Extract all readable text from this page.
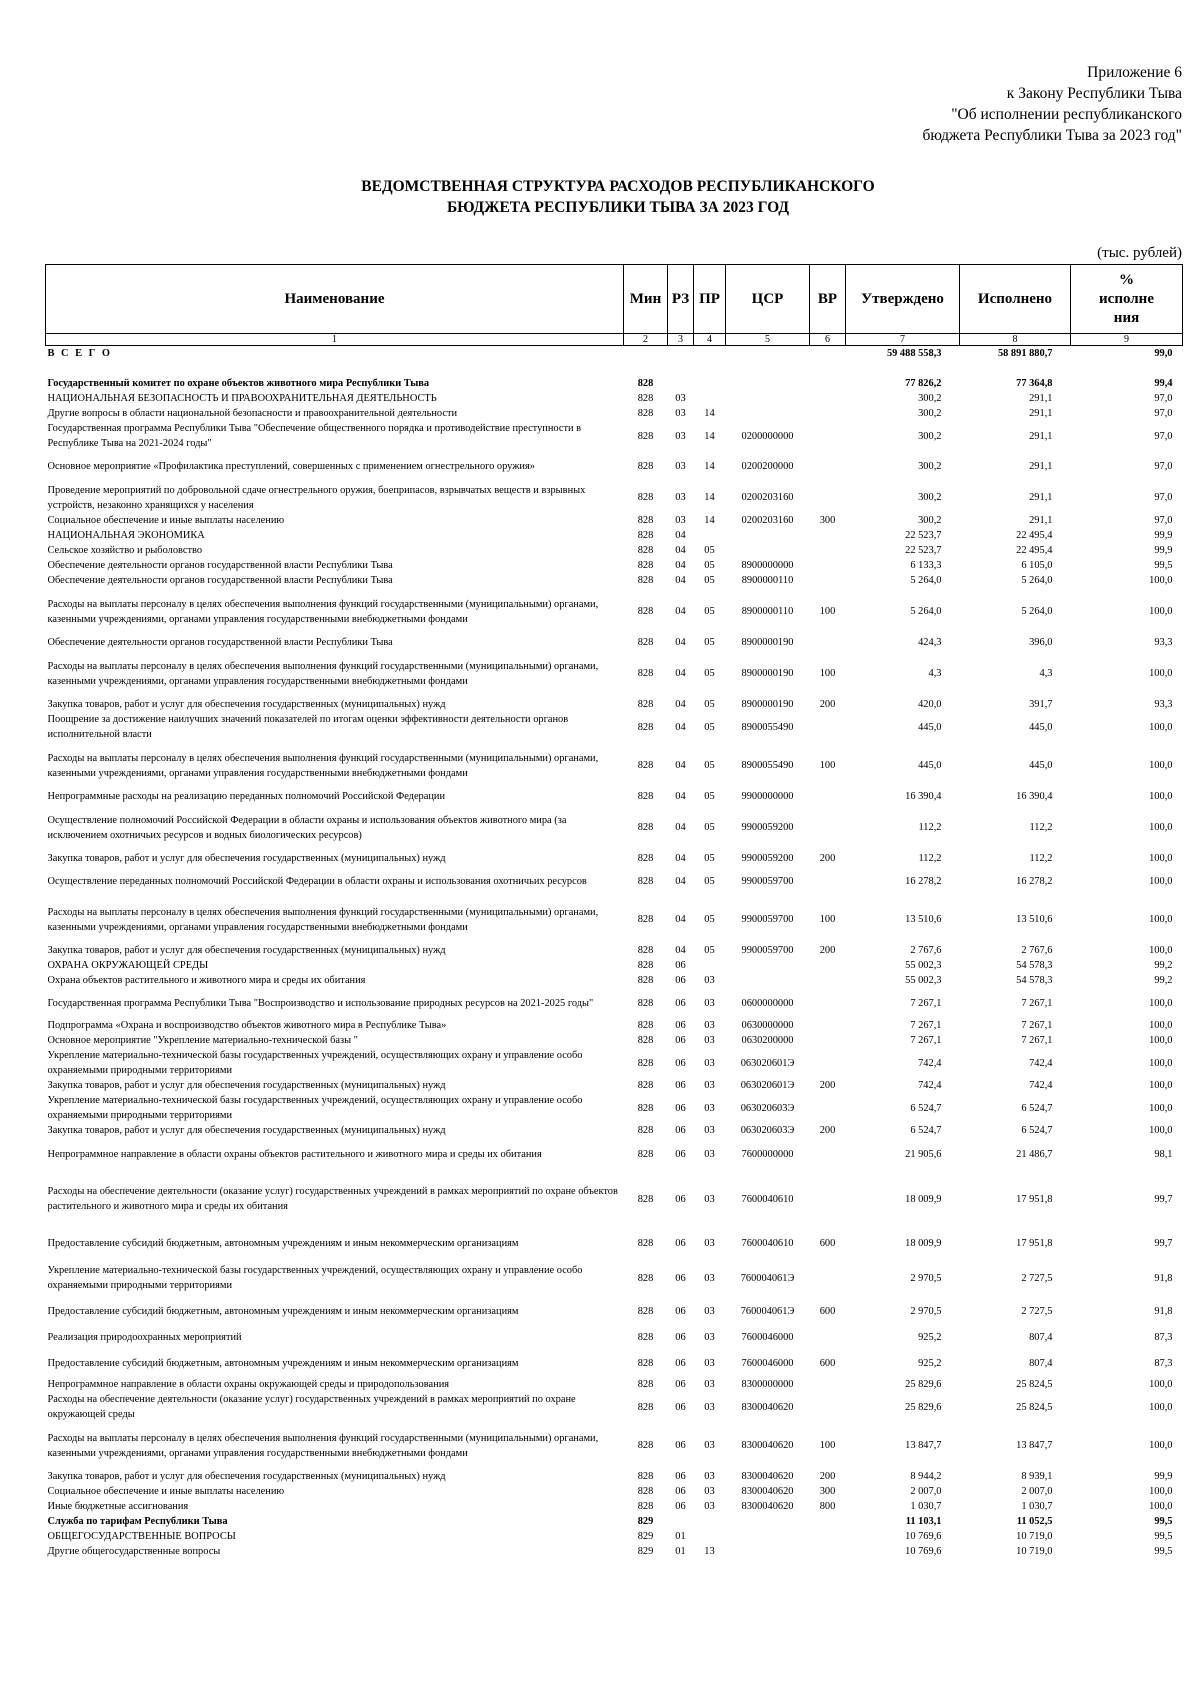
Приложение 6
к Закону Республики Тыва
"Об исполнении республиканского
бюджета Республики Тыва за 2023 год"
ВЕДОМСТВЕННАЯ СТРУКТУРА РАСХОДОВ РЕСПУБЛИКАНСКОГО
БЮДЖЕТА РЕСПУБЛИКИ ТЫВА ЗА 2023 ГОД
(тыс. рублей)
Наименование	Мин	РЗ	ПР	ЦСР	ВР	Утверждено	Исполнено	%
исполне
ния

1	2	3	4	5	6	7	8	9
В С Е Г О						59 488 558,3	58 891 880,7	99,0

Государственный комитет по охране объектов животного мира Республики Тыва	828					77 826,2	77 364,8	99,4
НАЦИОНАЛЬНАЯ БЕЗОПАСНОСТЬ И ПРАВООХРАНИТЕЛЬНАЯ ДЕЯТЕЛЬНОСТЬ	828	03				300,2	291,1	97,0
Другие вопросы в области национальной безопасности и правоохранительной деятельности	828	03	14			300,2	291,1	97,0
Государственная программа Республики Тыва "Обеспечение общественного порядка и противодействие преступности в Республике Тыва на 2021-2024 годы"	828	03	14	0200000000		300,2	291,1	97,0
Основное мероприятие «Профилактика преступлений, совершенных с применением огнестрельного оружия»	828	03	14	0200200000		300,2	291,1	97,0
Проведение мероприятий по добровольной сдаче огнестрельного оружия, боеприпасов, взрывчатых веществ и взрывных устройств, незаконно хранящихся у населения	828	03	14	0200203160		300,2	291,1	97,0
Социальное обеспечение и иные выплаты населению	828	03	14	0200203160	300	300,2	291,1	97,0
НАЦИОНАЛЬНАЯ ЭКОНОМИКА	828	04				22 523,7	22 495,4	99,9
Сельское хозяйство и рыболовство	828	04	05			22 523,7	22 495,4	99,9
Обеспечение деятельности органов государственной власти Республики Тыва	828	04	05	8900000000		6 133,3	6 105,0	99,5
Обеспечение деятельности органов государственной власти Республики Тыва	828	04	05	8900000110		5 264,0	5 264,0	100,0
Расходы на выплаты персоналу в целях обеспечения выполнения функций государственными (муниципальными) органами, казенными учреждениями, органами управления государственными внебюджетными фондами	828	04	05	8900000110	100	5 264,0	5 264,0	100,0
Обеспечение деятельности органов государственной власти Республики Тыва	828	04	05	8900000190		424,3	396,0	93,3
Расходы на выплаты персоналу в целях обеспечения выполнения функций государственными (муниципальными) органами, казенными учреждениями, органами управления государственными внебюджетными фондами	828	04	05	8900000190	100	4,3	4,3	100,0
Закупка товаров, работ и услуг для обеспечения государственных (муниципальных) нужд	828	04	05	8900000190	200	420,0	391,7	93,3
Поощрение за достижение наилучших значений показателей по итогам оценки эффективности деятельности органов исполнительной власти	828	04	05	8900055490		445,0	445,0	100,0
Расходы на выплаты персоналу в целях обеспечения выполнения функций государственными (муниципальными) органами, казенными учреждениями, органами управления государственными внебюджетными фондами	828	04	05	8900055490	100	445,0	445,0	100,0
Непрограммные расходы на реализацию переданных полномочий Российской Федерации	828	04	05	9900000000		16 390,4	16 390,4	100,0
Осуществление полномочий Российской Федерации в области охраны и использования объектов животного мира (за исключением охотничьих ресурсов и водных биологических ресурсов)	828	04	05	9900059200		112,2	112,2	100,0
Закупка товаров, работ и услуг для обеспечения государственных (муниципальных) нужд	828	04	05	9900059200	200	112,2	112,2	100,0
Осуществление переданных полномочий Российской Федерации в области охраны и использования охотничьих ресурсов	828	04	05	9900059700		16 278,2	16 278,2	100,0
Расходы на выплаты персоналу в целях обеспечения выполнения функций государственными (муниципальными) органами, казенными учреждениями, органами управления государственными внебюджетными фондами	828	04	05	9900059700	100	13 510,6	13 510,6	100,0
Закупка товаров, работ и услуг для обеспечения государственных (муниципальных) нужд	828	04	05	9900059700	200	2 767,6	2 767,6	100,0
ОХРАНА ОКРУЖАЮЩЕЙ СРЕДЫ	828	06				55 002,3	54 578,3	99,2
Охрана объектов растительного и животного мира и среды их обитания	828	06	03			55 002,3	54 578,3	99,2
Государственная программа Республики Тыва "Воспроизводство и использование природных ресурсов на 2021-2025 годы"	828	06	03	0600000000		7 267,1	7 267,1	100,0
Подпрограмма «Охрана и воспроизводство объектов животного мира в Республике Тыва»	828	06	03	0630000000		7 267,1	7 267,1	100,0
Основное мероприятие "Укрепление материально-технической базы "	828	06	03	0630200000		7 267,1	7 267,1	100,0
Укрепление материально-технической базы государственных учреждений, осуществляющих охрану и управление особо охраняемыми природными территориями	828	06	03	063020601Э		742,4	742,4	100,0
Закупка товаров, работ и услуг для обеспечения государственных (муниципальных) нужд	828	06	03	063020601Э	200	742,4	742,4	100,0
Укрепление материально-технической базы государственных учреждений, осуществляющих охрану и управление особо охраняемыми природными территориями	828	06	03	063020603Э		6 524,7	6 524,7	100,0
Закупка товаров, работ и услуг для обеспечения государственных (муниципальных) нужд	828	06	03	063020603Э	200	6 524,7	6 524,7	100,0
Непрограммное направление в области охраны объектов растительного и животного мира и среды их обитания	828	06	03	7600000000		21 905,6	21 486,7	98,1
Расходы на обеспечение деятельности (оказание услуг) государственных учреждений в рамках мероприятий по охране объектов растительного и животного мира и среды их обитания	828	06	03	7600040610		18 009,9	17 951,8	99,7
Предоставление субсидий бюджетным, автономным учреждениям и иным некоммерческим организациям	828	06	03	7600040610	600	18 009,9	17 951,8	99,7
Укрепление материально-технической базы государственных учреждений, осуществляющих охрану и управление особо охраняемыми природными территориями	828	06	03	760004061Э		2 970,5	2 727,5	91,8
Предоставление субсидий бюджетным, автономным учреждениям и иным некоммерческим организациям	828	06	03	760004061Э	600	2 970,5	2 727,5	91,8
Реализация природоохранных мероприятий	828	06	03	7600046000		925,2	807,4	87,3
Предоставление субсидий бюджетным, автономным учреждениям и иным некоммерческим организациям	828	06	03	7600046000	600	925,2	807,4	87,3
Непрограммное направление в области охраны окружающей среды и природопользования	828	06	03	8300000000		25 829,6	25 824,5	100,0
Расходы на обеспечение деятельности (оказание услуг) государственных учреждений в рамках мероприятий по охране окружающей среды	828	06	03	8300040620		25 829,6	25 824,5	100,0
Расходы на выплаты персоналу в целях обеспечения выполнения функций государственными (муниципальными) органами, казенными учреждениями, органами управления государственными внебюджетными фондами	828	06	03	8300040620	100	13 847,7	13 847,7	100,0
Закупка товаров, работ и услуг для обеспечения государственных (муниципальных) нужд	828	06	03	8300040620	200	8 944,2	8 939,1	99,9
Социальное обеспечение и иные выплаты населению	828	06	03	8300040620	300	2 007,0	2 007,0	100,0
Иные бюджетные ассигнования	828	06	03	8300040620	800	1 030,7	1 030,7	100,0
Служба по тарифам Республики Тыва	829					11 103,1	11 052,5	99,5
ОБЩЕГОСУДАРСТВЕННЫЕ ВОПРОСЫ	829	01				10 769,6	10 719,0	99,5
Другие общегосударственные вопросы	829	01	13			10 769,6	10 719,0	99,5
